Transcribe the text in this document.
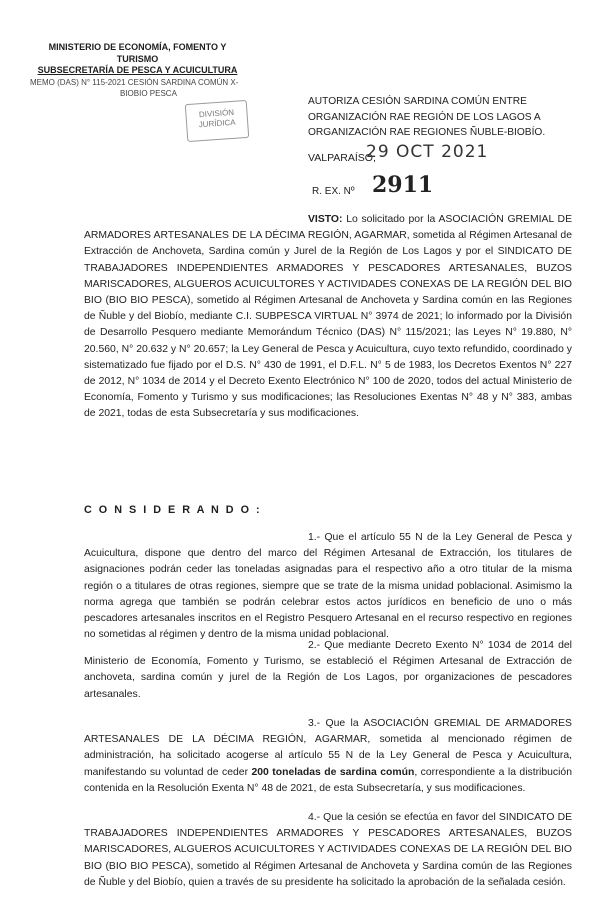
MINISTERIO DE ECONOMÍA, FOMENTO Y TURISMO
SUBSECRETARÍA DE PESCA Y ACUICULTURA
MEMO (DAS) N° 115-2021 CESIÓN SARDINA COMÚN X-
BIOBIO PESCA
DIVISIÓN
JURÍDICA
AUTORIZA CESIÓN SARDINA COMÚN ENTRE ORGANIZACIÓN RAE REGIÓN DE LOS LAGOS A ORGANIZACIÓN RAE REGIONES ÑUBLE-BIOBÍO.
VALPARAÍSO,
29 OCT 2021
R. EX. Nº 2911
VISTO: Lo solicitado por la ASOCIACIÓN GREMIAL DE ARMADORES ARTESANALES DE LA DÉCIMA REGIÓN, AGARMAR, sometida al Régimen Artesanal de Extracción de Anchoveta, Sardina común y Jurel de la Región de Los Lagos y por el SINDICATO DE TRABAJADORES INDEPENDIENTES ARMADORES Y PESCADORES ARTESANALES, BUZOS MARISCADORES, ALGUEROS ACUICULTORES Y ACTIVIDADES CONEXAS DE LA REGIÓN DEL BIO BIO (BIO BIO PESCA), sometido al Régimen Artesanal de Anchoveta y Sardina común en las Regiones de Ñuble y del Biobío, mediante C.I. SUBPESCA VIRTUAL N° 3974 de 2021; lo informado por la División de Desarrollo Pesquero mediante Memorándum Técnico (DAS) N° 115/2021; las Leyes N° 19.880, N° 20.560, N° 20.632 y N° 20.657; la Ley General de Pesca y Acuicultura, cuyo texto refundido, coordinado y sistematizado fue fijado por el D.S. N° 430 de 1991, el D.F.L. N° 5 de 1983, los Decretos Exentos N° 227 de 2012, N° 1034 de 2014 y el Decreto Exento Electrónico N° 100 de 2020, todos del actual Ministerio de Economía, Fomento y Turismo y sus modificaciones; las Resoluciones Exentas N° 48 y N° 383, ambas de 2021, todas de esta Subsecretaría y sus modificaciones.
C O N S I D E R A N D O :
1.- Que el artículo 55 N de la Ley General de Pesca y Acuicultura, dispone que dentro del marco del Régimen Artesanal de Extracción, los titulares de asignaciones podrán ceder las toneladas asignadas para el respectivo año a otro titular de la misma región o a titulares de otras regiones, siempre que se trate de la misma unidad poblacional. Asimismo la norma agrega que también se podrán celebrar estos actos jurídicos en beneficio de uno o más pescadores artesanales inscritos en el Registro Pesquero Artesanal en el recurso respectivo en regiones no sometidas al régimen y dentro de la misma unidad poblacional.
2.- Que mediante Decreto Exento N° 1034 de 2014 del Ministerio de Economía, Fomento y Turismo, se estableció el Régimen Artesanal de Extracción de anchoveta, sardina común y jurel de la Región de Los Lagos, por organizaciones de pescadores artesanales.
3.- Que la ASOCIACIÓN GREMIAL DE ARMADORES ARTESANALES DE LA DÉCIMA REGIÓN, AGARMAR, sometida al mencionado régimen de administración, ha solicitado acogerse al artículo 55 N de la Ley General de Pesca y Acuicultura, manifestando su voluntad de ceder 200 toneladas de sardina común, correspondiente a la distribución contenida en la Resolución Exenta N° 48 de 2021, de esta Subsecretaría, y sus modificaciones.
4.- Que la cesión se efectúa en favor del SINDICATO DE TRABAJADORES INDEPENDIENTES ARMADORES Y PESCADORES ARTESANALES, BUZOS MARISCADORES, ALGUEROS ACUICULTORES Y ACTIVIDADES CONEXAS DE LA REGIÓN DEL BIO BIO (BIO BIO PESCA), sometido al Régimen Artesanal de Anchoveta y Sardina común de las Regiones de Ñuble y del Biobío, quien a través de su presidente ha solicitado la aprobación de la señalada cesión.
